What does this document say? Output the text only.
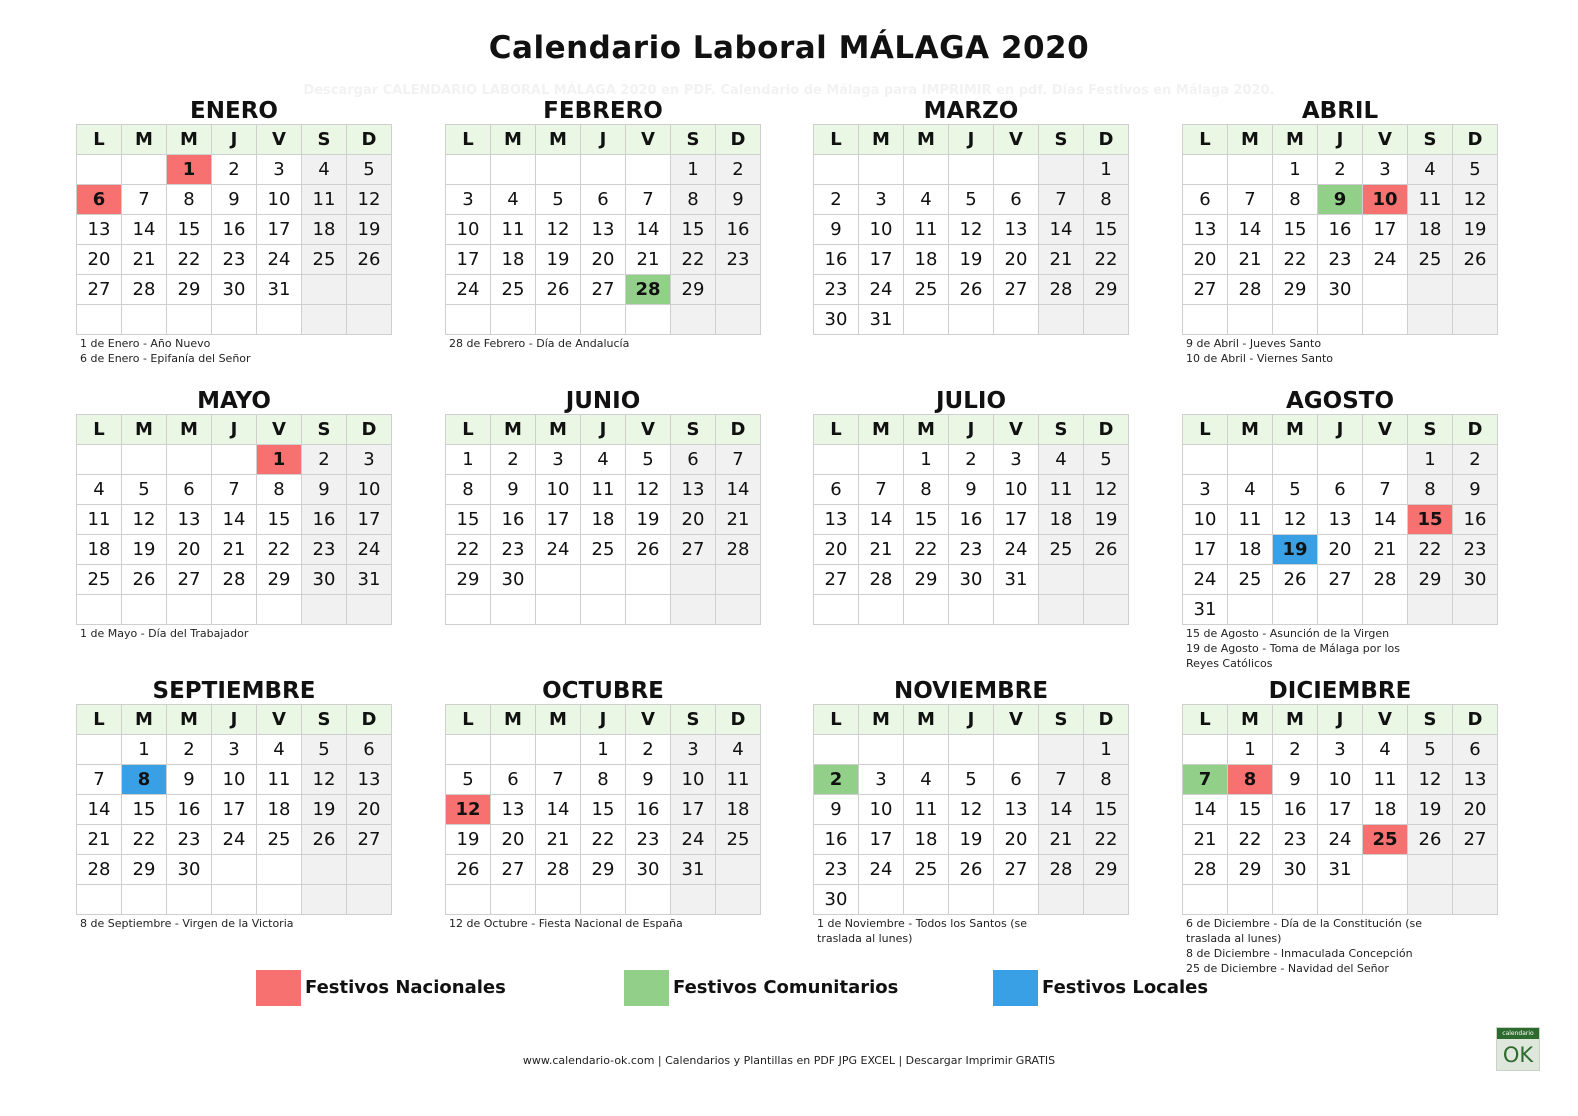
Calendario Laboral MÁLAGA 2020
Descargar CALENDARIO LABORAL MÁLAGA 2020 en PDF. Calendario de Málaga para IMPRIMIR en pdf. Días Festivos en Málaga 2020.
ENERO
L	M	M	J	V	S	D
		1	2	3	4	5
6	7	8	9	10	11	12
13	14	15	16	17	18	19
20	21	22	23	24	25	26
27	28	29	30	31		

1 de Enero - Año Nuevo
6 de Enero - Epifanía del Señor
FEBRERO
L	M	M	J	V	S	D
					1	2
3	4	5	6	7	8	9
10	11	12	13	14	15	16
17	18	19	20	21	22	23
24	25	26	27	28	29	

28 de Febrero - Día de Andalucía
MARZO
L	M	M	J	V	S	D
						1
2	3	4	5	6	7	8
9	10	11	12	13	14	15
16	17	18	19	20	21	22
23	24	25	26	27	28	29
30	31					
ABRIL
L	M	M	J	V	S	D
		1	2	3	4	5
6	7	8	9	10	11	12
13	14	15	16	17	18	19
20	21	22	23	24	25	26
27	28	29	30			

9 de Abril - Jueves Santo
10 de Abril - Viernes Santo
MAYO
L	M	M	J	V	S	D
				1	2	3
4	5	6	7	8	9	10
11	12	13	14	15	16	17
18	19	20	21	22	23	24
25	26	27	28	29	30	31

1 de Mayo - Día del Trabajador
JUNIO
L	M	M	J	V	S	D
1	2	3	4	5	6	7
8	9	10	11	12	13	14
15	16	17	18	19	20	21
22	23	24	25	26	27	28
29	30					

JULIO
L	M	M	J	V	S	D
		1	2	3	4	5
6	7	8	9	10	11	12
13	14	15	16	17	18	19
20	21	22	23	24	25	26
27	28	29	30	31		

AGOSTO
L	M	M	J	V	S	D
					1	2
3	4	5	6	7	8	9
10	11	12	13	14	15	16
17	18	19	20	21	22	23
24	25	26	27	28	29	30
31						
15 de Agosto - Asunción de la Virgen
19 de Agosto - Toma de Málaga por los
Reyes Católicos
SEPTIEMBRE
L	M	M	J	V	S	D
	1	2	3	4	5	6
7	8	9	10	11	12	13
14	15	16	17	18	19	20
21	22	23	24	25	26	27
28	29	30				

8 de Septiembre - Virgen de la Victoria
OCTUBRE
L	M	M	J	V	S	D
			1	2	3	4
5	6	7	8	9	10	11
12	13	14	15	16	17	18
19	20	21	22	23	24	25
26	27	28	29	30	31	

12 de Octubre - Fiesta Nacional de España
NOVIEMBRE
L	M	M	J	V	S	D
						1
2	3	4	5	6	7	8
9	10	11	12	13	14	15
16	17	18	19	20	21	22
23	24	25	26	27	28	29
30						
1 de Noviembre - Todos los Santos (se
traslada al lunes)
DICIEMBRE
L	M	M	J	V	S	D
	1	2	3	4	5	6
7	8	9	10	11	12	13
14	15	16	17	18	19	20
21	22	23	24	25	26	27
28	29	30	31			

6 de Diciembre - Día de la Constitución (se
traslada al lunes)
8 de Diciembre - Inmaculada Concepción
25 de Diciembre - Navidad del Señor
Festivos Nacionales	Festivos Comunitarios	Festivos Locales
www.calendario-ok.com | Calendarios y Plantillas en PDF JPG EXCEL | Descargar Imprimir GRATIS
calendario
OK
